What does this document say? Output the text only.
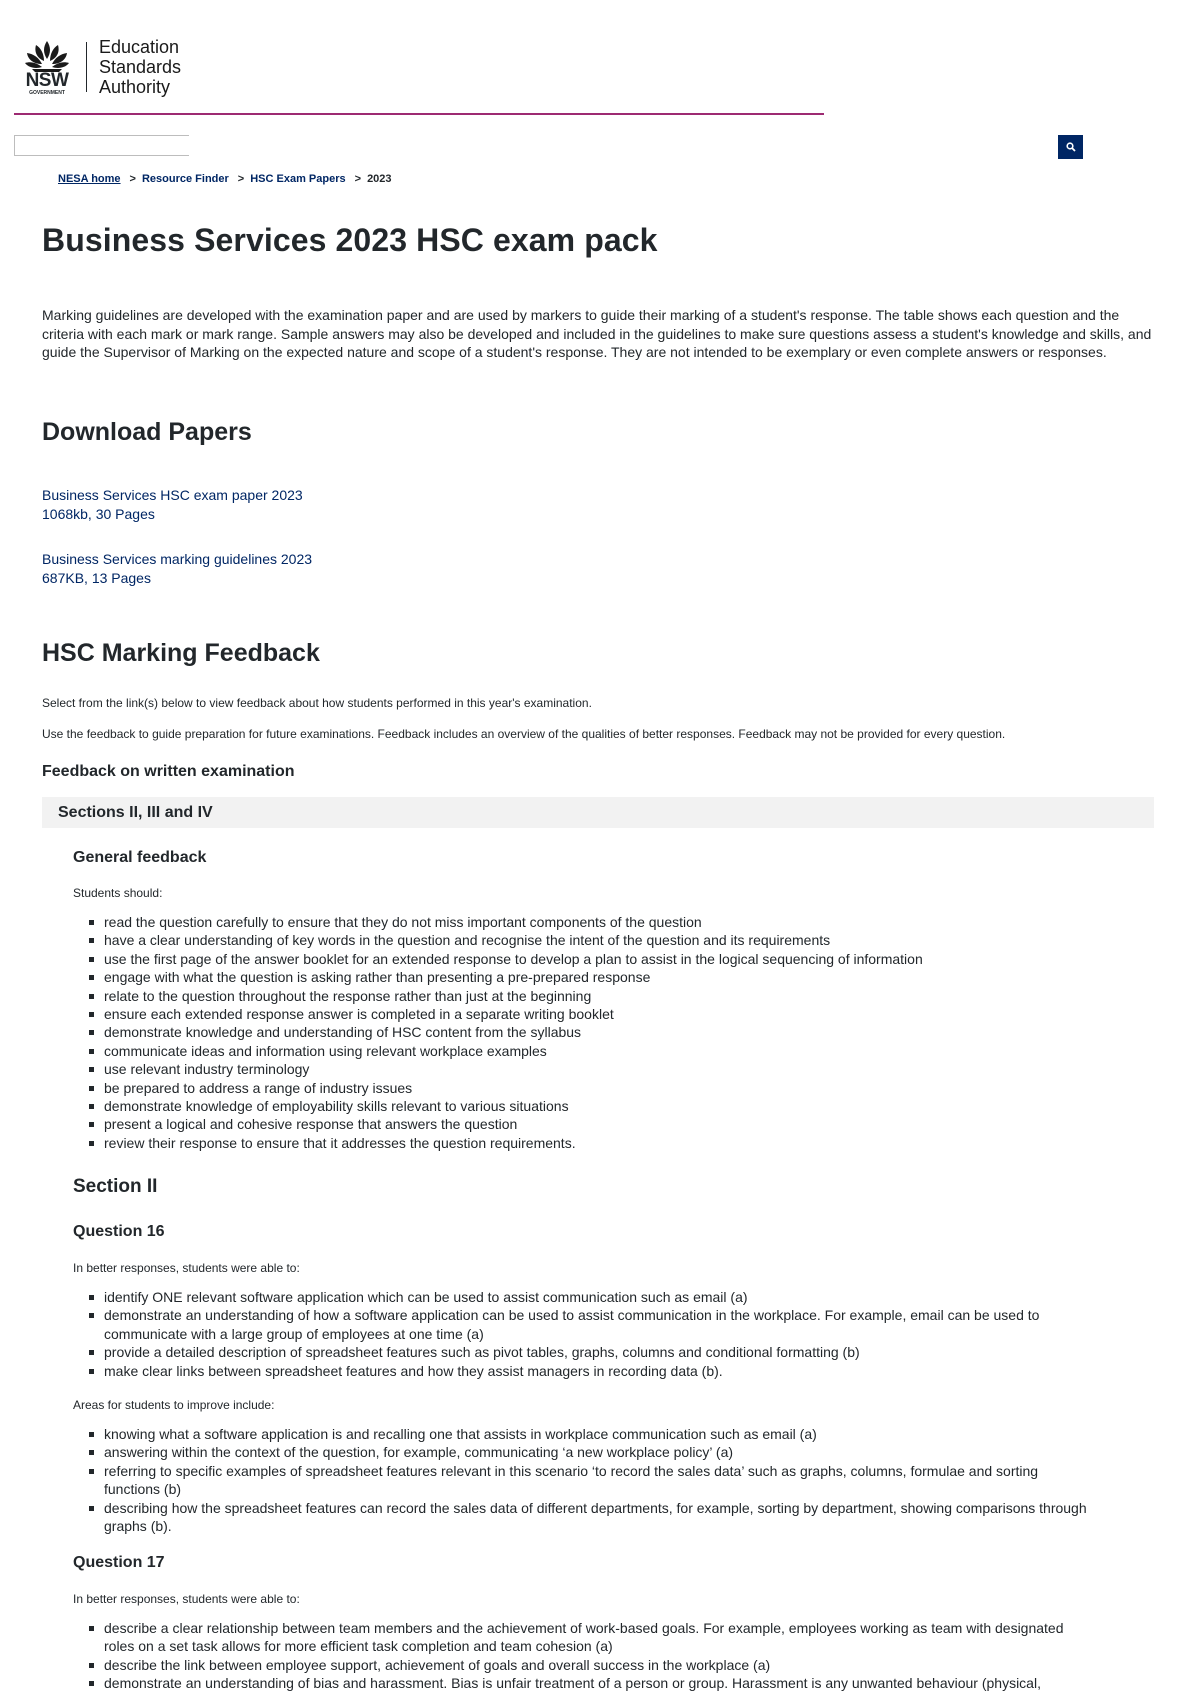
NSW
GOVERNMENT
Education
Standards
Authority
NESA home > Resource Finder > HSC Exam Papers > 2023
Business Services 2023 HSC exam pack

Marking guidelines are developed with the examination paper and are used by markers to guide their marking of a student's response. The table shows each question and the criteria with each mark or mark range. Sample answers may also be developed and included in the guidelines to make sure questions assess a student's knowledge and skills, and guide the Supervisor of Marking on the expected nature and scope of a student's response. They are not intended to be exemplary or even complete answers or responses.

Download Papers
Business Services HSC exam paper 2023
1068kb, 30 Pages
Business Services marking guidelines 2023
687KB, 13 Pages
HSC Marking Feedback

Select from the link(s) below to view feedback about how students performed in this year's examination.

Use the feedback to guide preparation for future examinations. Feedback includes an overview of the qualities of better responses. Feedback may not be provided for every question.

Feedback on written examination
Sections II, III and IV
General feedback

Students should:

read the question carefully to ensure that they do not miss important components of the question
have a clear understanding of key words in the question and recognise the intent of the question and its requirements
use the first page of the answer booklet for an extended response to develop a plan to assist in the logical sequencing of information
engage with what the question is asking rather than presenting a pre-prepared response
relate to the question throughout the response rather than just at the beginning
ensure each extended response answer is completed in a separate writing booklet
demonstrate knowledge and understanding of HSC content from the syllabus
communicate ideas and information using relevant workplace examples
use relevant industry terminology
be prepared to address a range of industry issues
demonstrate knowledge of employability skills relevant to various situations
present a logical and cohesive response that answers the question
review their response to ensure that it addresses the question requirements.
Section II
Question 16

In better responses, students were able to:

identify ONE relevant software application which can be used to assist communication such as email (a)
demonstrate an understanding of how a software application can be used to assist communication in the workplace. For example, email can be used to communicate with a large group of employees at one time (a)
provide a detailed description of spreadsheet features such as pivot tables, graphs, columns and conditional formatting (b)
make clear links between spreadsheet features and how they assist managers in recording data (b).

Areas for students to improve include:

knowing what a software application is and recalling one that assists in workplace communication such as email (a)
answering within the context of the question, for example, communicating ‘a new workplace policy’ (a)
referring to specific examples of spreadsheet features relevant in this scenario ‘to record the sales data’ such as graphs, columns, formulae and sorting functions (b)
describing how the spreadsheet features can record the sales data of different departments, for example, sorting by department, showing comparisons through graphs (b).
Question 17

In better responses, students were able to:

describe a clear relationship between team members and the achievement of work-based goals. For example, employees working as team with designated roles on a set task allows for more efficient task completion and team cohesion (a)
describe the link between employee support, achievement of goals and overall success in the workplace (a)
demonstrate an understanding of bias and harassment. Bias is unfair treatment of a person or group. Harassment is any unwanted behaviour (physical,
